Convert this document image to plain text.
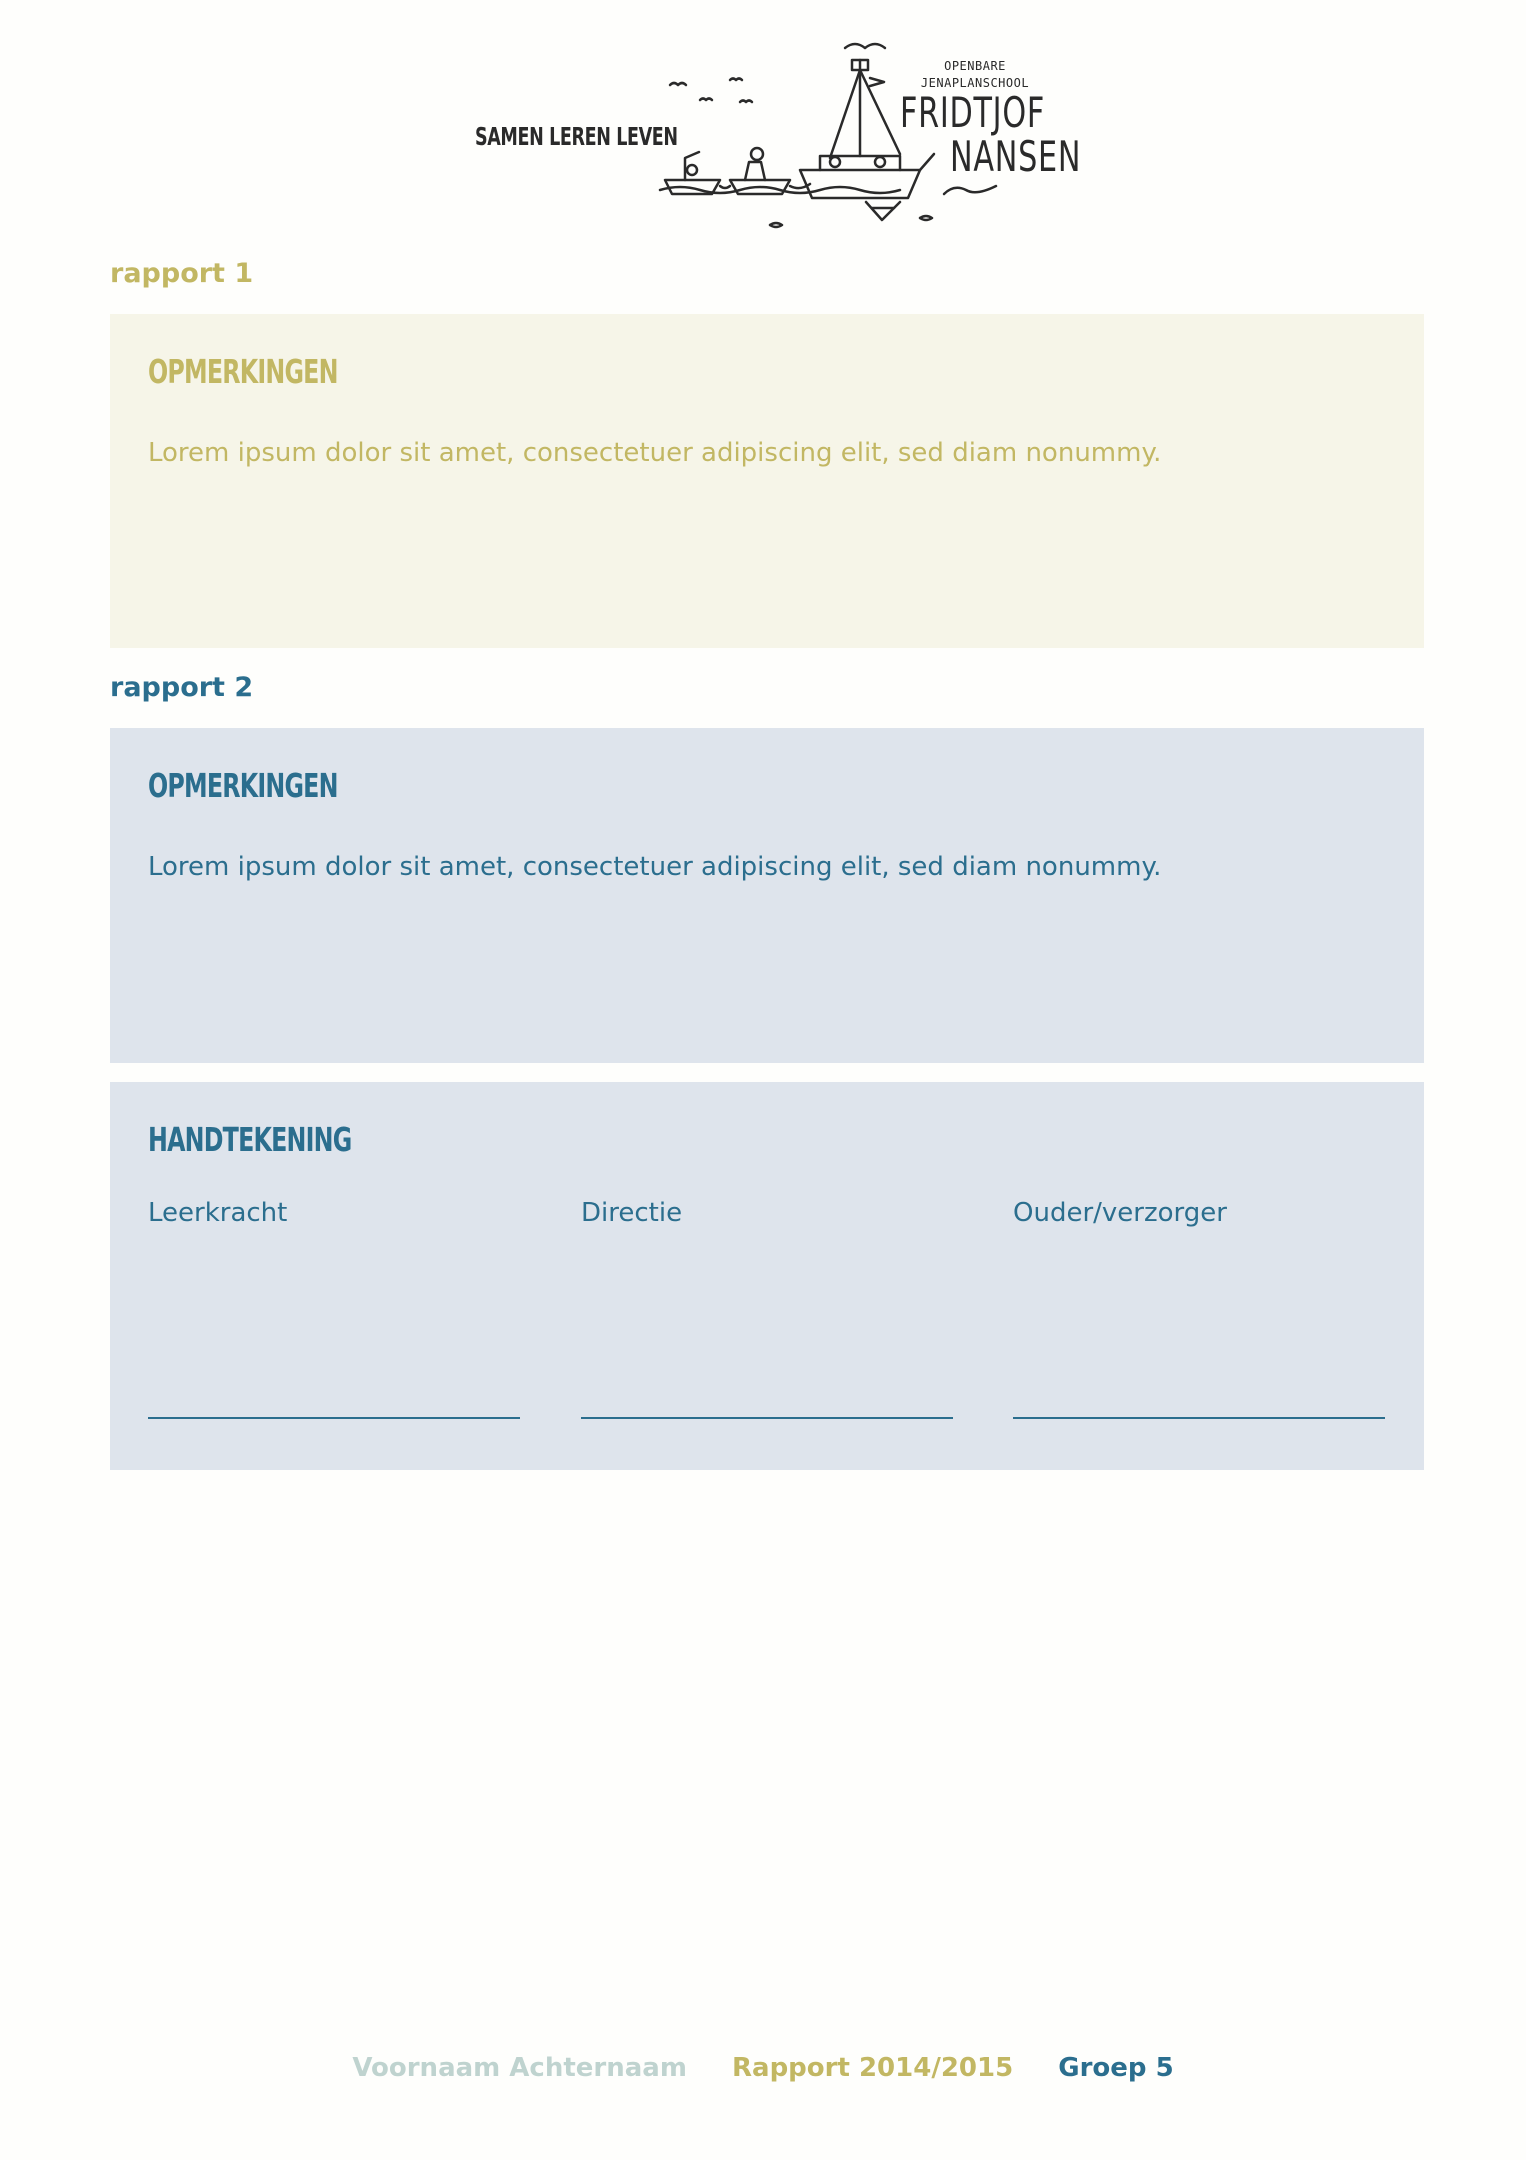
SAMEN LEREN LEVEN
OPENBARE
JENAPLANSCHOOL
FRIDTJOF
NANSEN
rapport 1
OPMERKINGEN
Lorem ipsum dolor sit amet, consectetuer adipiscing elit, sed diam nonummy.
rapport 2
OPMERKINGEN
Lorem ipsum dolor sit amet, consectetuer adipiscing elit, sed diam nonummy.
HANDTEKENING
Leerkracht	Directie	Ouder/verzorger
Voornaam Achternaam Rapport 2014/2015 Groep 5
